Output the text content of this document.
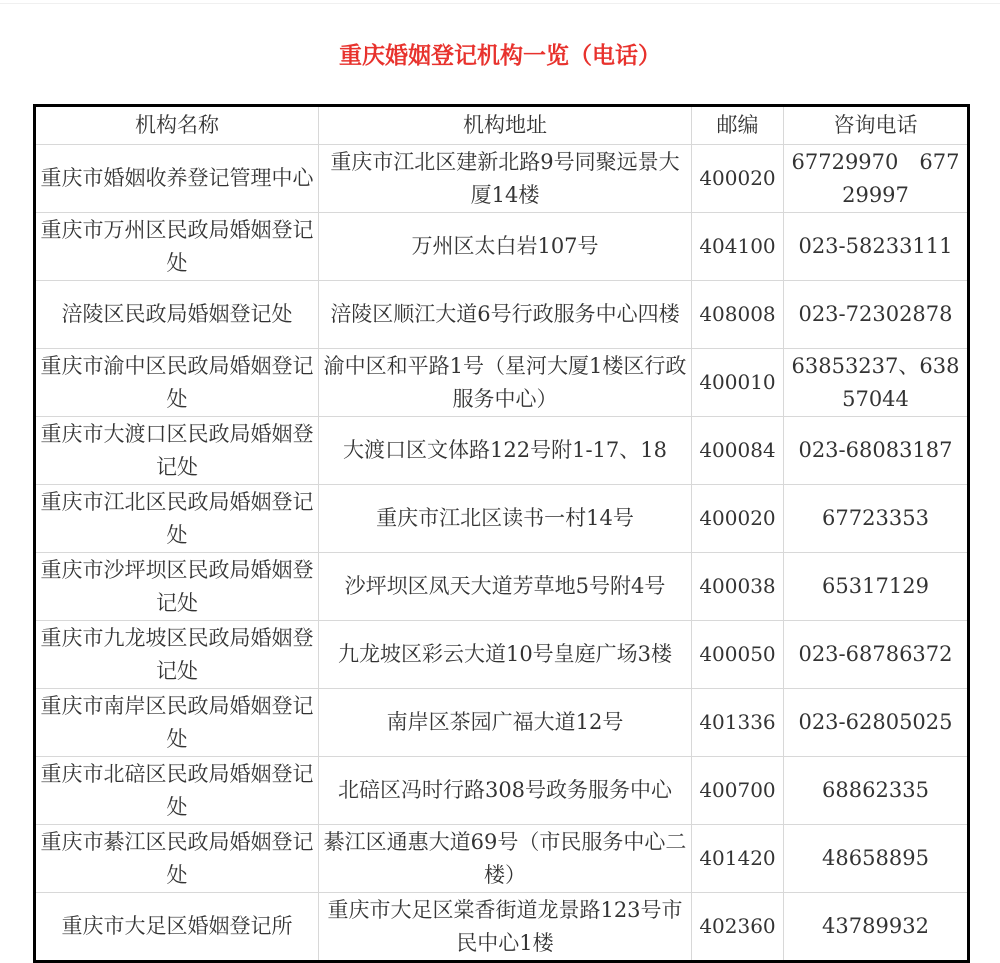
重庆婚姻登记机构一览（电话）
机构名称	机构地址	邮编	咨询电话
重庆市婚姻收养登记管理中心	重庆市江北区建新北路9号同聚远景大厦14楼	400020	67729970　67729997
重庆市万州区民政局婚姻登记处	万州区太白岩107号	404100	023-58233111
涪陵区民政局婚姻登记处	涪陵区顺江大道6号行政服务中心四楼	408008	023-72302878
重庆市渝中区民政局婚姻登记处	渝中区和平路1号（星河大厦1楼区行政服务中心）	400010	63853237、63857044
重庆市大渡口区民政局婚姻登记处	大渡口区文体路122号附1-17、18	400084	023-68083187
重庆市江北区民政局婚姻登记处	重庆市江北区读书一村14号	400020	67723353
重庆市沙坪坝区民政局婚姻登记处	沙坪坝区凤天大道芳草地5号附4号	400038	65317129
重庆市九龙坡区民政局婚姻登记处	九龙坡区彩云大道10号皇庭广场3楼	400050	023-68786372
重庆市南岸区民政局婚姻登记处	南岸区茶园广福大道12号	401336	023-62805025
重庆市北碚区民政局婚姻登记处	北碚区冯时行路308号政务服务中心	400700	68862335
重庆市綦江区民政局婚姻登记处	綦江区通惠大道69号（市民服务中心二楼）	401420	48658895
重庆市大足区婚姻登记所	重庆市大足区棠香街道龙景路123号市民中心1楼	402360	43789932
